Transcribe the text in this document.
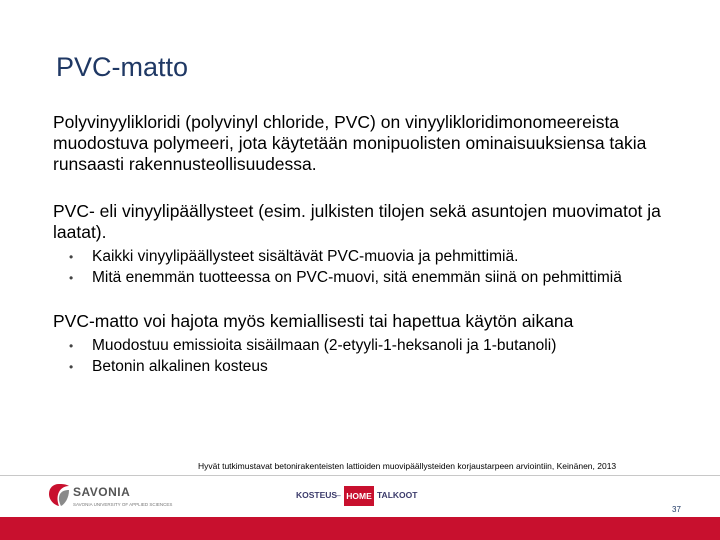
PVC-matto

Polyvinyylikloridi (polyvinyl chloride, PVC) on vinyylikloridimonomeereista muodostuva polymeeri, jota käytetään monipuolisten ominaisuuksiensa takia runsaasti rakennusteollisuudessa.

PVC- eli vinyylipäällysteet (esim. julkisten tilojen sekä asuntojen muovimatot ja laatat).

• Kaikki vinyylipäällysteet sisältävät PVC-muovia ja pehmittimiä.
• Mitä enemmän tuotteessa on PVC-muovi, sitä enemmän siinä on pehmittimiä

PVC-matto voi hajota myös kemiallisesti tai hapettua käytön aikana

• Muodostuu emissioita sisäilmaan (2-etyyli-1-heksanoli ja 1-butanoli)
• Betonin alkalinen kosteus
Hyvät tutkimustavat betonirakenteisten lattioiden muovipäällysteiden korjaustarpeen arviointiin, Keinänen, 2013
SAVONIA
SAVONIA UNIVERSITY OF APPLIED SCIENCES
KOSTEUS
– HOME TALKOOT
37
